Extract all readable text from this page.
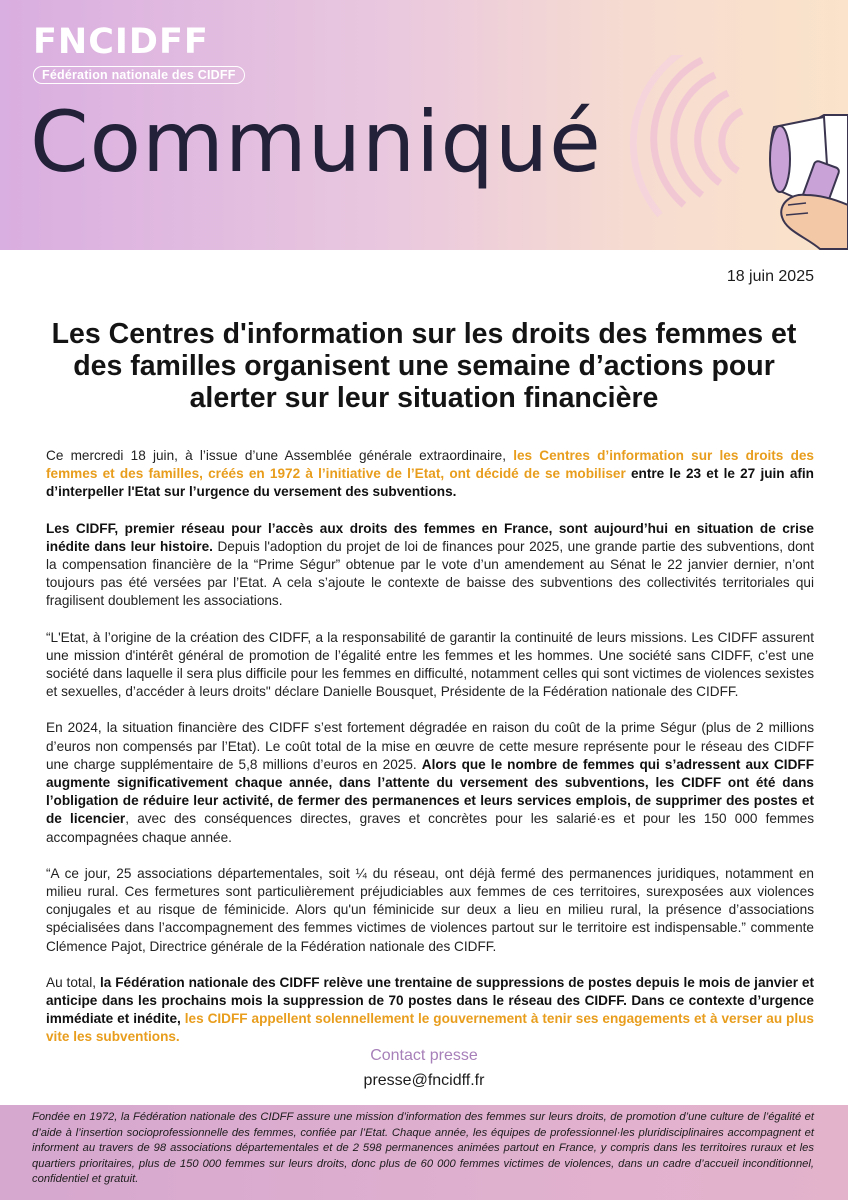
FNCIDFF
Fédération nationale des CIDFF
Communiqué
18 juin 2025
Les Centres d'information sur les droits des femmes et des familles organisent une semaine d’actions pour alerter sur leur situation financière

Ce mercredi 18 juin, à l’issue d’une Assemblée générale extraordinaire, les Centres d’information sur les droits des femmes et des familles, créés en 1972 à l’initiative de l’Etat, ont décidé de se mobiliser entre le 23 et le 27 juin afin d’interpeller l'Etat sur l’urgence du versement des subventions.

Les CIDFF, premier réseau pour l’accès aux droits des femmes en France, sont aujourd’hui en situation de crise inédite dans leur histoire. Depuis l'adoption du projet de loi de finances pour 2025, une grande partie des subventions, dont la compensation financière de la “Prime Ségur” obtenue par le vote d’un amendement au Sénat le 22 janvier dernier, n’ont toujours pas été versées par l’Etat. A cela s’ajoute le contexte de baisse des subventions des collectivités territoriales qui fragilisent doublement les associations.

“L'Etat, à l’origine de la création des CIDFF, a la responsabilité de garantir la continuité de leurs missions. Les CIDFF assurent une mission d'intérêt général de promotion de l’égalité entre les femmes et les hommes. Une société sans CIDFF, c’est une société dans laquelle il sera plus difficile pour les femmes en difficulté, notamment celles qui sont victimes de violences sexistes et sexuelles, d’accéder à leurs droits" déclare Danielle Bousquet, Présidente de la Fédération nationale des CIDFF.

En 2024, la situation financière des CIDFF s’est fortement dégradée en raison du coût de la prime Ségur (plus de 2 millions d’euros non compensés par l’Etat). Le coût total de la mise en œuvre de cette mesure représente pour le réseau des CIDFF une charge supplémentaire de 5,8 millions d’euros en 2025. Alors que le nombre de femmes qui s’adressent aux CIDFF augmente significativement chaque année, dans l’attente du versement des subventions, les CIDFF ont été dans l’obligation de réduire leur activité, de fermer des permanences et leurs services emplois, de supprimer des postes et de licencier, avec des conséquences directes, graves et concrètes pour les salarié·es et pour les 150 000 femmes accompagnées chaque année.

“A ce jour, 25 associations départementales, soit ¼ du réseau, ont déjà fermé des permanences juridiques, notamment en milieu rural. Ces fermetures sont particulièrement préjudiciables aux femmes de ces territoires, surexposées aux violences conjugales et au risque de féminicide. Alors qu'un féminicide sur deux a lieu en milieu rural, la présence d’associations spécialisées dans l’accompagnement des femmes victimes de violences partout sur le territoire est indispensable.” commente Clémence Pajot, Directrice générale de la Fédération nationale des CIDFF.

Au total, la Fédération nationale des CIDFF relève une trentaine de suppressions de postes depuis le mois de janvier et anticipe dans les prochains mois la suppression de 70 postes dans le réseau des CIDFF. Dans ce contexte d’urgence immédiate et inédite, les CIDFF appellent solennellement le gouvernement à tenir ses engagements et à verser au plus vite les subventions.

Contact presse
presse@fncidff.fr

Fondée en 1972, la Fédération nationale des CIDFF assure une mission d’information des femmes sur leurs droits, de promotion d’une culture de l’égalité et d’aide à l’insertion socioprofessionnelle des femmes, confiée par l’Etat. Chaque année, les équipes de professionnel·les pluridisciplinaires accompagnent et informent au travers de 98 associations départementales et de 2 598 permanences animées partout en France, y compris dans les territoires ruraux et les quartiers prioritaires, plus de 150 000 femmes sur leurs droits, donc plus de 60 000 femmes victimes de violences, dans un cadre d’accueil inconditionnel, confidentiel et gratuit.
